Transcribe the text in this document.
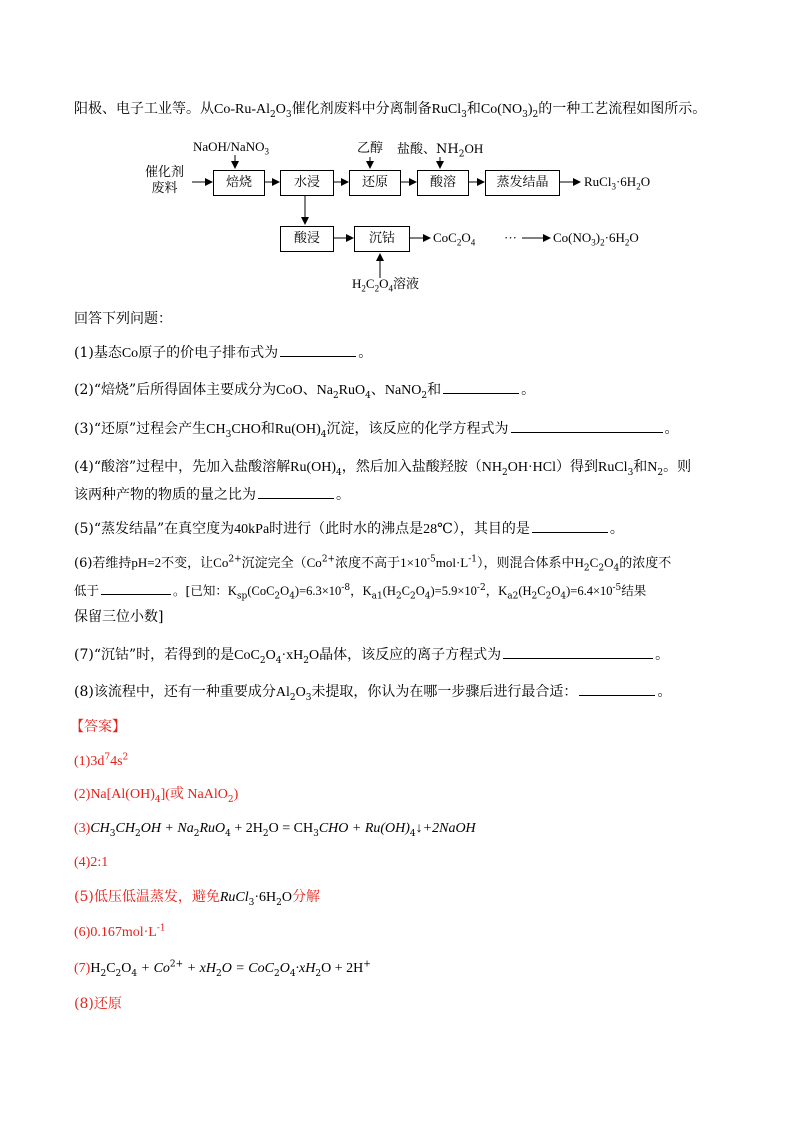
阳极、电子工业等。从$Co-Ru-Al_2O_3$催化剂废料中分离制备RuCl$_3$和$Co(NO_3)_2$的一种工艺流程如图所示。
催化剂
废料
NaOH/NaNO$_3$
焙烧	水浸
乙醇
还原
盐酸、$NH_2OH$
酸溶	蒸发结晶	$RuCl_3\cdot 6H_2O$
酸浸	沉钴
$H_2C_2O_4$溶液
$CoC_2O_4$ ···	$Co(NO_3)_2\cdot 6H_2O$
回答下列问题：
(1)基态Co原子的价电子排布式为	。
(2)“焙烧”后所得固体主要成分为CoO、$Na_2RuO_4$、NaNO$_2$和	。
(3)“还原”过程会产生$CH_3CHO$和$Ru(OH)_4$沉淀，该反应的化学方程式为	。
(4)“酸溶”过程中，先加入盐酸溶解$Ru(OH)_4$，然后加入盐酸羟胺$(NH_2OH\cdot HCl)$得到RuCl$_3$和$N_2$。则
该两种产物的物质的量之比为	。
(5)“蒸发结晶”在真空度为40kPa时进行（此时水的沸点是28℃），其目的是	。
(6)若维持pH=2不变，让$Co^{2+}$沉淀完全（$Co^{2+}$浓度不高于$1\times 10^{-5}mol\cdot L^{-1}$），则混合体系中$H_2C_2O_4$的浓度不
低于	。[已知：$K_{sp}(CoC_2O_4)=6.3\times 10^{-8}$，$K_{a1}(H_2C_2O_4)=5.9\times 10^{-2}$，$K_{a2}(H_2C_2O_4)=6.4\times 10^{-5}$结果
保留三位小数]
(7)“沉钴”时，若得到的是$CoC_2O_4\cdot xH_2O$晶体，该反应的离子方程式为	。
(8)该流程中，还有一种重要成分$Al_2O_3$未提取，你认为在哪一步骤后进行最合适：	。
【答案】
$(1)3d^74s^2$
$(2)Na[Al(OH)_4]$(或 NaAlO$_2$)
$(3)CH_3CH_2OH + Na_2RuO_4 + 2H_2O = CH_3CHO$ + $Ru(OH)_4↓+2NaOH$
(4)2:1
(5)低压低温蒸发，避免$RuCl_3\cdot 6H_2O$分解
$(6)0.167mol\cdot L^{-1}$
$(7)H_2C_2O_4 + Co^{2+} + xH_2O = CoC_2O_4\cdot xH_2O + 2H^+$
(8)还原
